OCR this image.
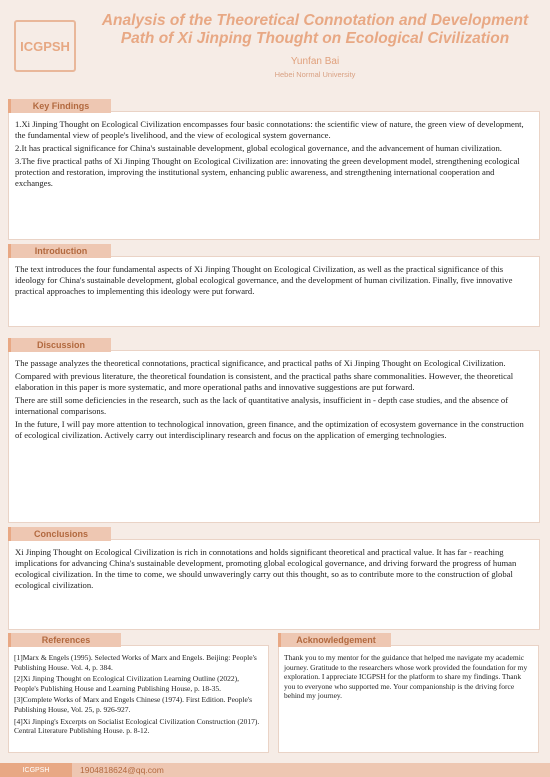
ICGPSH

Analysis of the Theoretical Connotation and Development
Path of Xi Jinping Thought on Ecological Civilization

Yunfan Bai
Hebei Normal University
Key Findings

1.Xi Jinping Thought on Ecological Civilization encompasses four basic connotations: the scientific view of nature, the green view of development, the fundamental view of people's livelihood, and the view of ecological system governance.

2.It has practical significance for China's sustainable development, global ecological governance, and the advancement of human civilization.

3.The five practical paths of Xi Jinping Thought on Ecological Civilization are: innovating the green development model, strengthening ecological protection and restoration, improving the institutional system, enhancing public awareness, and strengthening international cooperation and exchanges.

Introduction

The text introduces the four fundamental aspects of Xi Jinping Thought on Ecological Civilization, as well as the practical significance of this ideology for China's sustainable development, global ecological governance, and the development of human civilization. Finally, five innovative practical approaches to implementing this ideology were put forward.

Discussion

The passage analyzes the theoretical connotations, practical significance, and practical paths of Xi Jinping Thought on Ecological Civilization.

Compared with previous literature, the theoretical foundation is consistent, and the practical paths share commonalities. However, the theoretical elaboration in this paper is more systematic, and more operational paths and innovative suggestions are put forward.

There are still some deficiencies in the research, such as the lack of quantitative analysis, insufficient in - depth case studies, and the absence of international comparisons.

In the future, I will pay more attention to technological innovation, green finance, and the optimization of ecosystem governance in the construction of ecological civilization. Actively carry out interdisciplinary research and focus on the application of emerging technologies.

Conclusions

Xi Jinping Thought on Ecological Civilization is rich in connotations and holds significant theoretical and practical value. It has far - reaching implications for advancing China's sustainable development, promoting global ecological governance, and driving forward the progress of human ecological civilization. In the time to come, we should unwaveringly carry out this thought, so as to contribute more to the construction of global ecological civilization.

References

[1]Marx & Engels (1995). Selected Works of Marx and Engels. Beijing: People's Publishing House. Vol. 4, p. 384.

[2]Xi Jinping Thought on Ecological Civilization Learning Outline (2022), People's Publishing House and Learning Publishing House, p. 18-35.

[3]Complete Works of Marx and Engels Chinese (1974). First Edition. People's Publishing House, Vol. 25, p. 926-927.

[4]Xi Jinping's Excerpts on Socialist Ecological Civilization Construction (2017). Central Literature Publishing House. p. 8-12.

Acknowledgement

Thank you to my mentor for the guidance that helped me navigate my academic journey. Gratitude to the researchers whose work provided the foundation for my exploration. I appreciate ICGPSH for the platform to share my findings. Thank you to everyone who supported me. Your companionship is the driving force behind my journey.

ICGPSH	1904818624@qq.com
